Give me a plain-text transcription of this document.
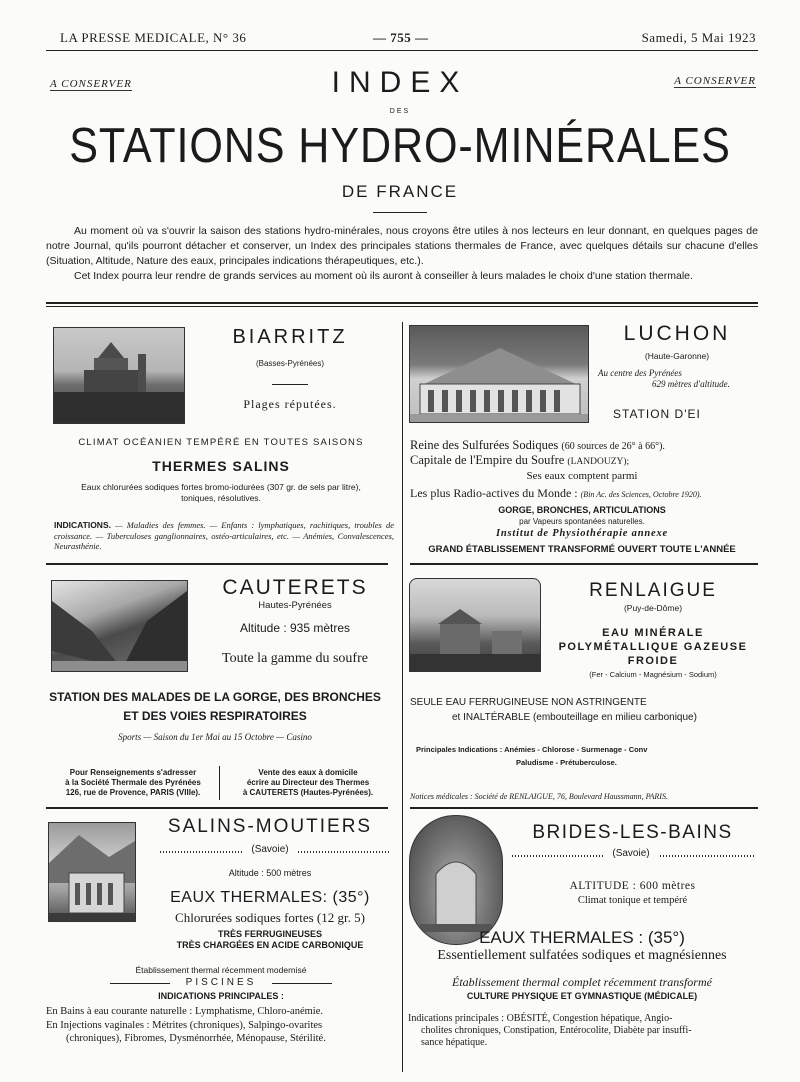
LA PRESSE MEDICALE, N° 36	— 755 —	Samedi, 5 Mai 1923
A CONSERVER	A CONSERVER
INDEX
DES
STATIONS HYDRO-MINÉRALES
DE FRANCE

Au moment où va s'ouvrir la saison des stations hydro-minérales, nous croyons être utiles à nos lecteurs en leur donnant, en quelques pages de notre Journal, qu'ils pourront détacher et conserver, un Index des principales stations thermales de France, avec quelques détails sur chacune d'elles (Situation, Altitude, Nature des eaux, principales indications thérapeutiques, etc.).

Cet Index pourra leur rendre de grands services au moment où ils auront à conseiller à leurs malades le choix d'une station thermale.

BIARRITZ
(Basses-Pyrénées)
Plages réputées.
CLIMAT OCÉANIEN TEMPÉRÉ EN TOUTES SAISONS
THERMES SALINS
Eaux chlorurées sodiques fortes bromo-iodurées (307 gr. de sels par litre),
toniques, résolutives.
INDICATIONS. — Maladies des femmes. — Enfants : lymphatiques, rachitiques, troubles de croissance. — Tuberculoses ganglionnaires, ostéo-articulaires, etc. — Anémies, Convalescences, Neurasthénie.
LUCHON
(Haute-Garonne)
Au centre des Pyrénées
629 mètres d'altitude.
STATION D'EI
Reine des Sulfurées Sodiques (60 sources de 26° à 66°).
Capitale de l'Empire du Soufre (LANDOUZY);
Ses eaux comptent parmi
Les plus Radio-actives du Monde : (Bin Ac. des Sciences, Octobre 1920).
GORGE, BRONCHES, ARTICULATIONS
par Vapeurs spontanées naturelles.
Institut de Physiothérapie annexe
GRAND ÉTABLISSEMENT TRANSFORMÉ OUVERT TOUTE L'ANNÉE
CAUTERETS
Hautes-Pyrénées
Altitude : 935 mètres
Toute la gamme du soufre
STATION DES MALADES DE LA GORGE, DES BRONCHES
ET DES VOIES RESPIRATOIRES
Sports — Saison du 1er Mai au 15 Octobre — Casino
Pour Renseignements s'adresser
à la Société Thermale des Pyrénées
126, rue de Provence, PARIS (VIIIe).
Vente des eaux à domicile
écrire au Directeur des Thermes
à CAUTERETS (Hautes-Pyrénées).
RENLAIGUE
(Puy-de-Dôme)
EAU MINÉRALE
POLYMÉTALLIQUE GAZEUSE
FROIDE
(Fer - Calcium - Magnésium - Sodium)
SEULE EAU FERRUGINEUSE NON ASTRINGENTE
et INALTÉRABLE (embouteillage en milieu carbonique)
Principales Indications : Anémies - Chlorose - Surmenage - Conv
Paludisme - Prétuberculose.
Notices médicales : Société de RENLAIGUE, 76, Boulevard Haussmann, PARIS.
SALINS-MOUTIERS
(Savoie)
Altitude : 500 mètres
EAUX THERMALES: (35°)
Chlorurées sodiques fortes (12 gr. 5)
TRÈS FERRUGINEUSES
TRÈS CHARGÉES EN ACIDE CARBONIQUE
Établissement thermal récemment modernisé
PISCINES
INDICATIONS PRINCIPALES :
En Bains à eau courante naturelle : Lymphatisme, Chloro-anémie.
En Injections vaginales : Métrites (chroniques), Salpingo-ovarites
(chroniques), Fibromes, Dysménorrhée, Ménopause, Stérilité.
BRIDES-LES-BAINS
(Savoie)
ALTITUDE : 600 mètres
Climat tonique et tempéré
EAUX THERMALES : (35°)
Essentiellement sulfatées sodiques et magnésiennes
Établissement thermal complet récemment transformé
CULTURE PHYSIQUE ET GYMNASTIQUE (MÉDICALE)
Indications principales : OBÉSITÉ, Congestion hépatique, Angio-
cholites chroniques, Constipation, Entérocolite, Diabète par insuffi-
sance hépatique.
